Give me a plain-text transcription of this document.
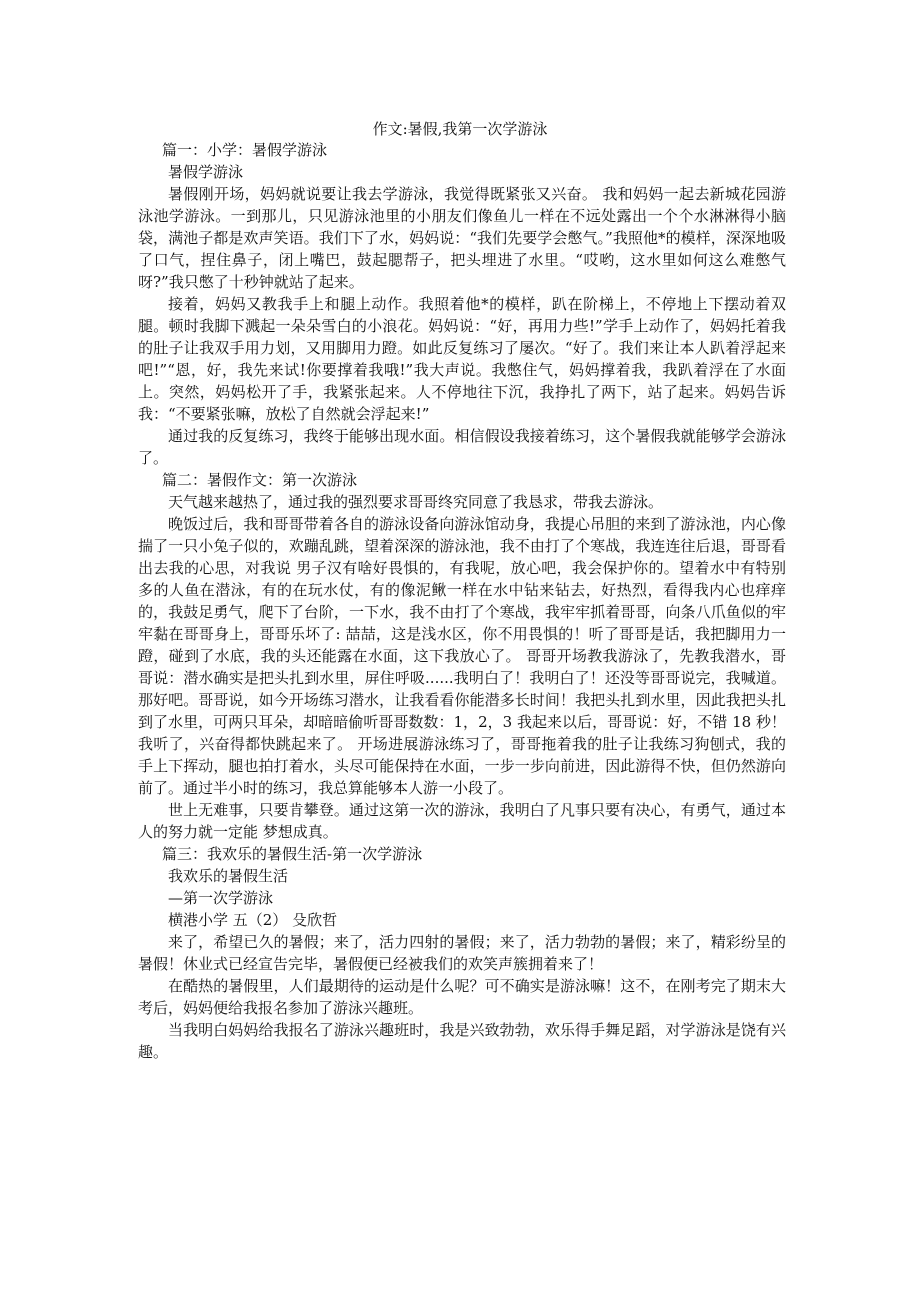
作文:暑假,我第一次学游泳

篇一：小学：暑假学游泳

暑假学游泳

暑假刚开场，妈妈就说要让我去学游泳，我觉得既紧张又兴奋。 我和妈妈一起去新城花园游泳池学游泳。一到那儿，只见游泳池里的小朋友们像鱼儿一样在不远处露出一个个水淋淋得小脑袋，满池子都是欢声笑语。我们下了水，妈妈说：“我们先要学会憋气。”我照他*的模样，深深地吸了口气，捏住鼻子，闭上嘴巴，鼓起腮帮子，把头埋进了水里。“哎哟，这水里如何这么难憋气呀?”我只憋了十秒钟就站了起来。

接着，妈妈又教我手上和腿上动作。我照着他*的模样，趴在阶梯上，不停地上下摆动着双腿。顿时我脚下溅起一朵朵雪白的小浪花。妈妈说：“好，再用力些!”学手上动作了，妈妈托着我的肚子让我双手用力划，又用脚用力蹬。如此反复练习了屡次。“好了。我们来让本人趴着浮起来吧!”“恩，好，我先来试!你要撑着我哦!”我大声说。我憋住气，妈妈撑着我，我趴着浮在了水面上。突然，妈妈松开了手，我紧张起来。人不停地往下沉，我挣扎了两下，站了起来。妈妈告诉我：“不要紧张嘛，放松了自然就会浮起来!”

通过我的反复练习，我终于能够出现水面。相信假设我接着练习，这个暑假我就能够学会游泳了。

篇二：暑假作文：第一次游泳

天气越来越热了，通过我的强烈要求哥哥终究同意了我恳求，带我去游泳。

晚饭过后，我和哥哥带着各自的游泳设备向游泳馆动身，我提心吊胆的来到了游泳池，内心像揣了一只小兔子似的，欢蹦乱跳，望着深深的游泳池，我不由打了个寒战，我连连往后退，哥哥看出去我的心思，对我说 男子汉有啥好畏惧的，有我呢，放心吧，我会保护你的。望着水中有特别多的人鱼在潜泳，有的在玩水仗，有的像泥鳅一样在水中钻来钻去，好热烈，看得我内心也痒痒的，我鼓足勇气，爬下了台阶，一下水，我不由打了个寒战，我牢牢抓着哥哥，向条八爪鱼似的牢牢黏在哥哥身上，哥哥乐坏了: 喆喆，这是浅水区，你不用畏惧的！听了哥哥是话，我把脚用力一蹬，碰到了水底，我的头还能露在水面，这下我放心了。 哥哥开场教我游泳了，先教我潜水，哥哥说：潜水确实是把头扎到水里，屏住呼吸......我明白了！我明白了！还没等哥哥说完，我喊道。 那好吧。哥哥说，如今开场练习潜水，让我看看你能潜多长时间！我把头扎到水里，因此我把头扎到了水里，可两只耳朵，却暗暗偷听哥哥数数：1，2，3 我起来以后，哥哥说：好，不错 18 秒！我听了，兴奋得都快跳起来了。 开场进展游泳练习了，哥哥拖着我的肚子让我练习狗刨式，我的手上下挥动，腿也拍打着水，头尽可能保持在水面，一步一步向前进，因此游得不快，但仍然游向前了。通过半小时的练习，我总算能够本人游一小段了。

世上无难事，只要肯攀登。通过这第一次的游泳，我明白了凡事只要有决心，有勇气，通过本人的努力就一定能 梦想成真。

篇三：我欢乐的暑假生活-第一次学游泳

我欢乐的暑假生活

—第一次学游泳

横港小学 五（2） 殳欣哲

来了，希望已久的暑假；来了，活力四射的暑假；来了，活力勃勃的暑假；来了，精彩纷呈的暑假！休业式已经宣告完毕，暑假便已经被我们的欢笑声簇拥着来了！

在酷热的暑假里，人们最期待的运动是什么呢？可不确实是游泳嘛！这不，在刚考完了期末大考后，妈妈便给我报名参加了游泳兴趣班。

当我明白妈妈给我报名了游泳兴趣班时，我是兴致勃勃，欢乐得手舞足蹈，对学游泳是饶有兴趣。
